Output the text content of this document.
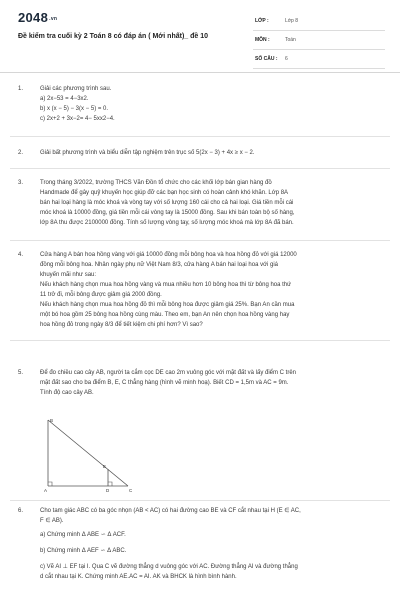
2048.vn
Đề kiểm tra cuối kỳ 2 Toán 8 có đáp án ( Mới nhất)_ đề 10
LỚP :	Lớp 8
MÔN :	Toán
SỐ CÂU : 6
1.	Giải các phương trình sau.
a) 2x−53 = 4−3x2.
b) x (x − 5) − 3(x − 5) = 0.
c) 2x+2 + 3x−2= 4− 5xx2−4.
2.	Giải bất phương trình và biểu diễn tập nghiệm trên trục số 5(2x − 3) + 4x ≥ x − 2.
3.	Trong tháng 3/2022, trường THCS Văn Đồn tổ chức cho các khối lớp bán gian hàng đồ
Handmade để gây quỹ khuyến học giúp đỡ các bạn học sinh có hoàn cảnh khó khăn. Lớp 8A
bán hai loại hàng là móc khoá và vòng tay với số lượng 160 cái cho cả hai loại. Giá tiền mỗi cái
móc khoá là 10000 đồng, giá tiền mỗi cái vòng tay là 15000 đồng. Sau khi bán toàn bộ số hàng,
lớp 8A thu được 2100000 đồng. Tính số lượng vòng tay, số lượng móc khoá mà lớp 8A đã bán.
4.	Cửa hàng A bán hoa hồng vàng với giá 10000 đồng mỗi bông hoa và hoa hồng đỏ với giá 12000
đồng mỗi bông hoa. Nhân ngày phụ nữ Việt Nam 8/3, cửa hàng A bán hai loại hoa với giá
khuyến mãi như sau:
Nếu khách hàng chọn mua hoa hồng vàng và mua nhiều hơn 10 bông hoa thì từ bông hoa thứ
11 trở đi, mỗi bông được giảm giá 2000 đồng.
Nếu khách hàng chọn mua hoa hồng đỏ thì mỗi bông hoa được giảm giá 25%. Bạn An cần mua
một bó hoa gồm 25 bông hoa hồng cùng màu. Theo em, bạn An nên chọn hoa hồng vàng hay
hoa hồng đỏ trong ngày 8/3 để tiết kiệm chi phí hơn? Vì sao?
5.	Để đo chiều cao cây AB, người ta cắm cọc DE cao 2m vuông góc với mặt đất và lấy điểm C trên
mặt đất sao cho ba điểm B, E, C thẳng hàng (hình vẽ minh hoạ). Biết CD = 1,5m và AC = 9m.
Tính độ cao cây AB.
B
E
A	D	C
6.	Cho tam giác ABC có ba góc nhọn (AB < AC) có hai đường cao BE và CF cắt nhau tại H (E ∈ AC,
F ∈ AB).
a) Chứng minh Δ ABE ∽ Δ ACF.
b) Chứng minh Δ AEF ∽ Δ ABC.
c) Vẽ AI ⊥ EF tại I. Qua C vẽ đường thẳng d vuông góc với AC. Đường thẳng AI và đường thẳng
d cắt nhau tại K. Chứng minh AE.AC = AI. AK và BHCK là hình bình hành.
